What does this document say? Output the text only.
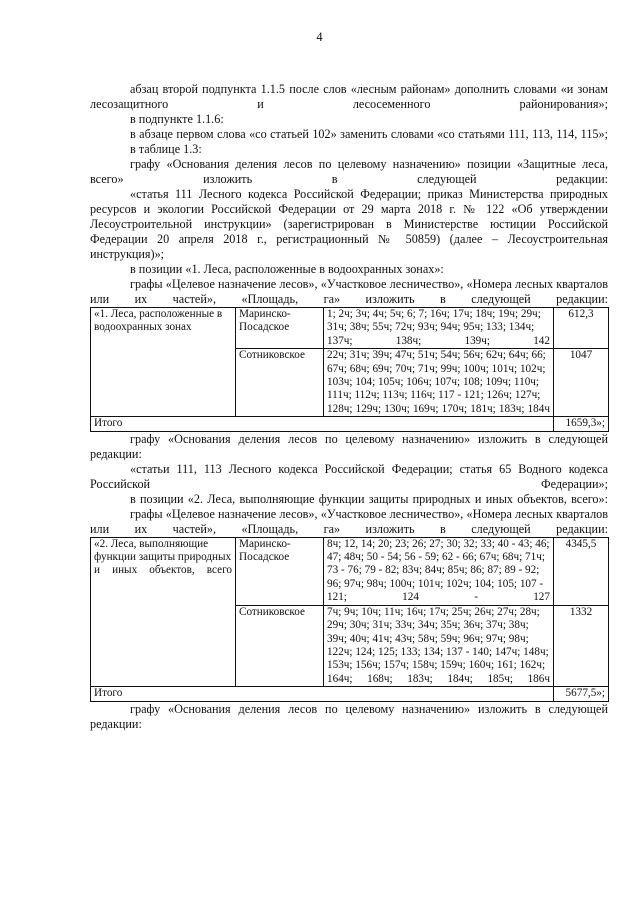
4

абзац второй подпункта 1.1.5 после слов «лесным районам» дополнить словами «и зонам лесозащитного и лесосеменного районирования»;

в подпункте 1.1.6:

в абзаце первом слова «со статьей 102» заменить словами «со статьями 111, 113, 114, 115»;

в таблице 1.3:

графу «Основания деления лесов по целевому назначению» позиции «Защитные леса, всего» изложить в следующей редакции:

«статья 111 Лесного кодекса Российской Федерации; приказ Министерства природных ресурсов и экологии Российской Федерации от 29 марта 2018 г. № 122 «Об утверждении Лесоустроительной инструкции» (зарегистрирован в Министерстве юстиции Российской Федерации 20 апреля 2018 г., регистрационный № 50859) (далее – Лесоустроительная инструкция)»;

в позиции «1. Леса, расположенные в водоохранных зонах»:

графы «Целевое назначение лесов», «Участковое лесничество», «Номера лесных кварталов или их частей», «Площадь, га» изложить в следующей редакции:

«1. Леса, расположенные в водоохранных зонах	Маринско-Посадское	1; 2ч; 3ч; 4ч; 5ч; 6; 7; 16ч; 17ч; 18ч; 19ч; 29ч; 31ч; 38ч; 55ч; 72ч; 93ч; 94ч; 95ч; 133; 134ч; 137ч; 138ч; 139ч; 142	612,3
	Сотниковское	22ч; 31ч; 39ч; 47ч; 51ч; 54ч; 56ч; 62ч; 64ч; 66; 67ч; 68ч; 69ч; 70ч; 71ч; 99ч; 100ч; 101ч; 102ч; 103ч; 104; 105ч; 106ч; 107ч; 108; 109ч; 110ч; 111ч; 112ч; 113ч; 116ч; 117 - 121; 126ч; 127ч; 128ч; 129ч; 130ч; 169ч; 170ч; 181ч; 183ч; 184ч	1047
Итого			1659,3»;

графу «Основания деления лесов по целевому назначению» изложить в следующей редакции:

«статьи 111, 113 Лесного кодекса Российской Федерации; статья 65 Водного кодекса Российской Федерации»;

в позиции «2. Леса, выполняющие функции защиты природных и иных объектов, всего»:

графы «Целевое назначение лесов», «Участковое лесничество», «Номера лесных кварталов или их частей», «Площадь, га» изложить в следующей редакции:

«2. Леса, выполняющие функции защиты природных и иных объектов, всего	Маринско-Посадское	8ч; 12, 14; 20; 23; 26; 27; 30; 32; 33; 40 - 43; 46; 47; 48ч; 50 - 54; 56 - 59; 62 - 66; 67ч; 68ч; 71ч; 73 - 76; 79 - 82; 83ч; 84ч; 85ч; 86; 87; 89 - 92; 96; 97ч; 98ч; 100ч; 101ч; 102ч; 104; 105; 107 - 121; 124 - 127	4345,5
	Сотниковское	7ч; 9ч; 10ч; 11ч; 16ч; 17ч; 25ч; 26ч; 27ч; 28ч; 29ч; 30ч; 31ч; 33ч; 34ч; 35ч; 36ч; 37ч; 38ч; 39ч; 40ч; 41ч; 43ч; 58ч; 59ч; 96ч; 97ч; 98ч; 122ч; 124; 125; 133; 134; 137 - 140; 147ч; 148ч; 153ч; 156ч; 157ч; 158ч; 159ч; 160ч; 161; 162ч; 164ч; 168ч; 183ч; 184ч; 185ч; 186ч	1332
Итого			5677,5»;

графу «Основания деления лесов по целевому назначению» изложить в следующей редакции:
